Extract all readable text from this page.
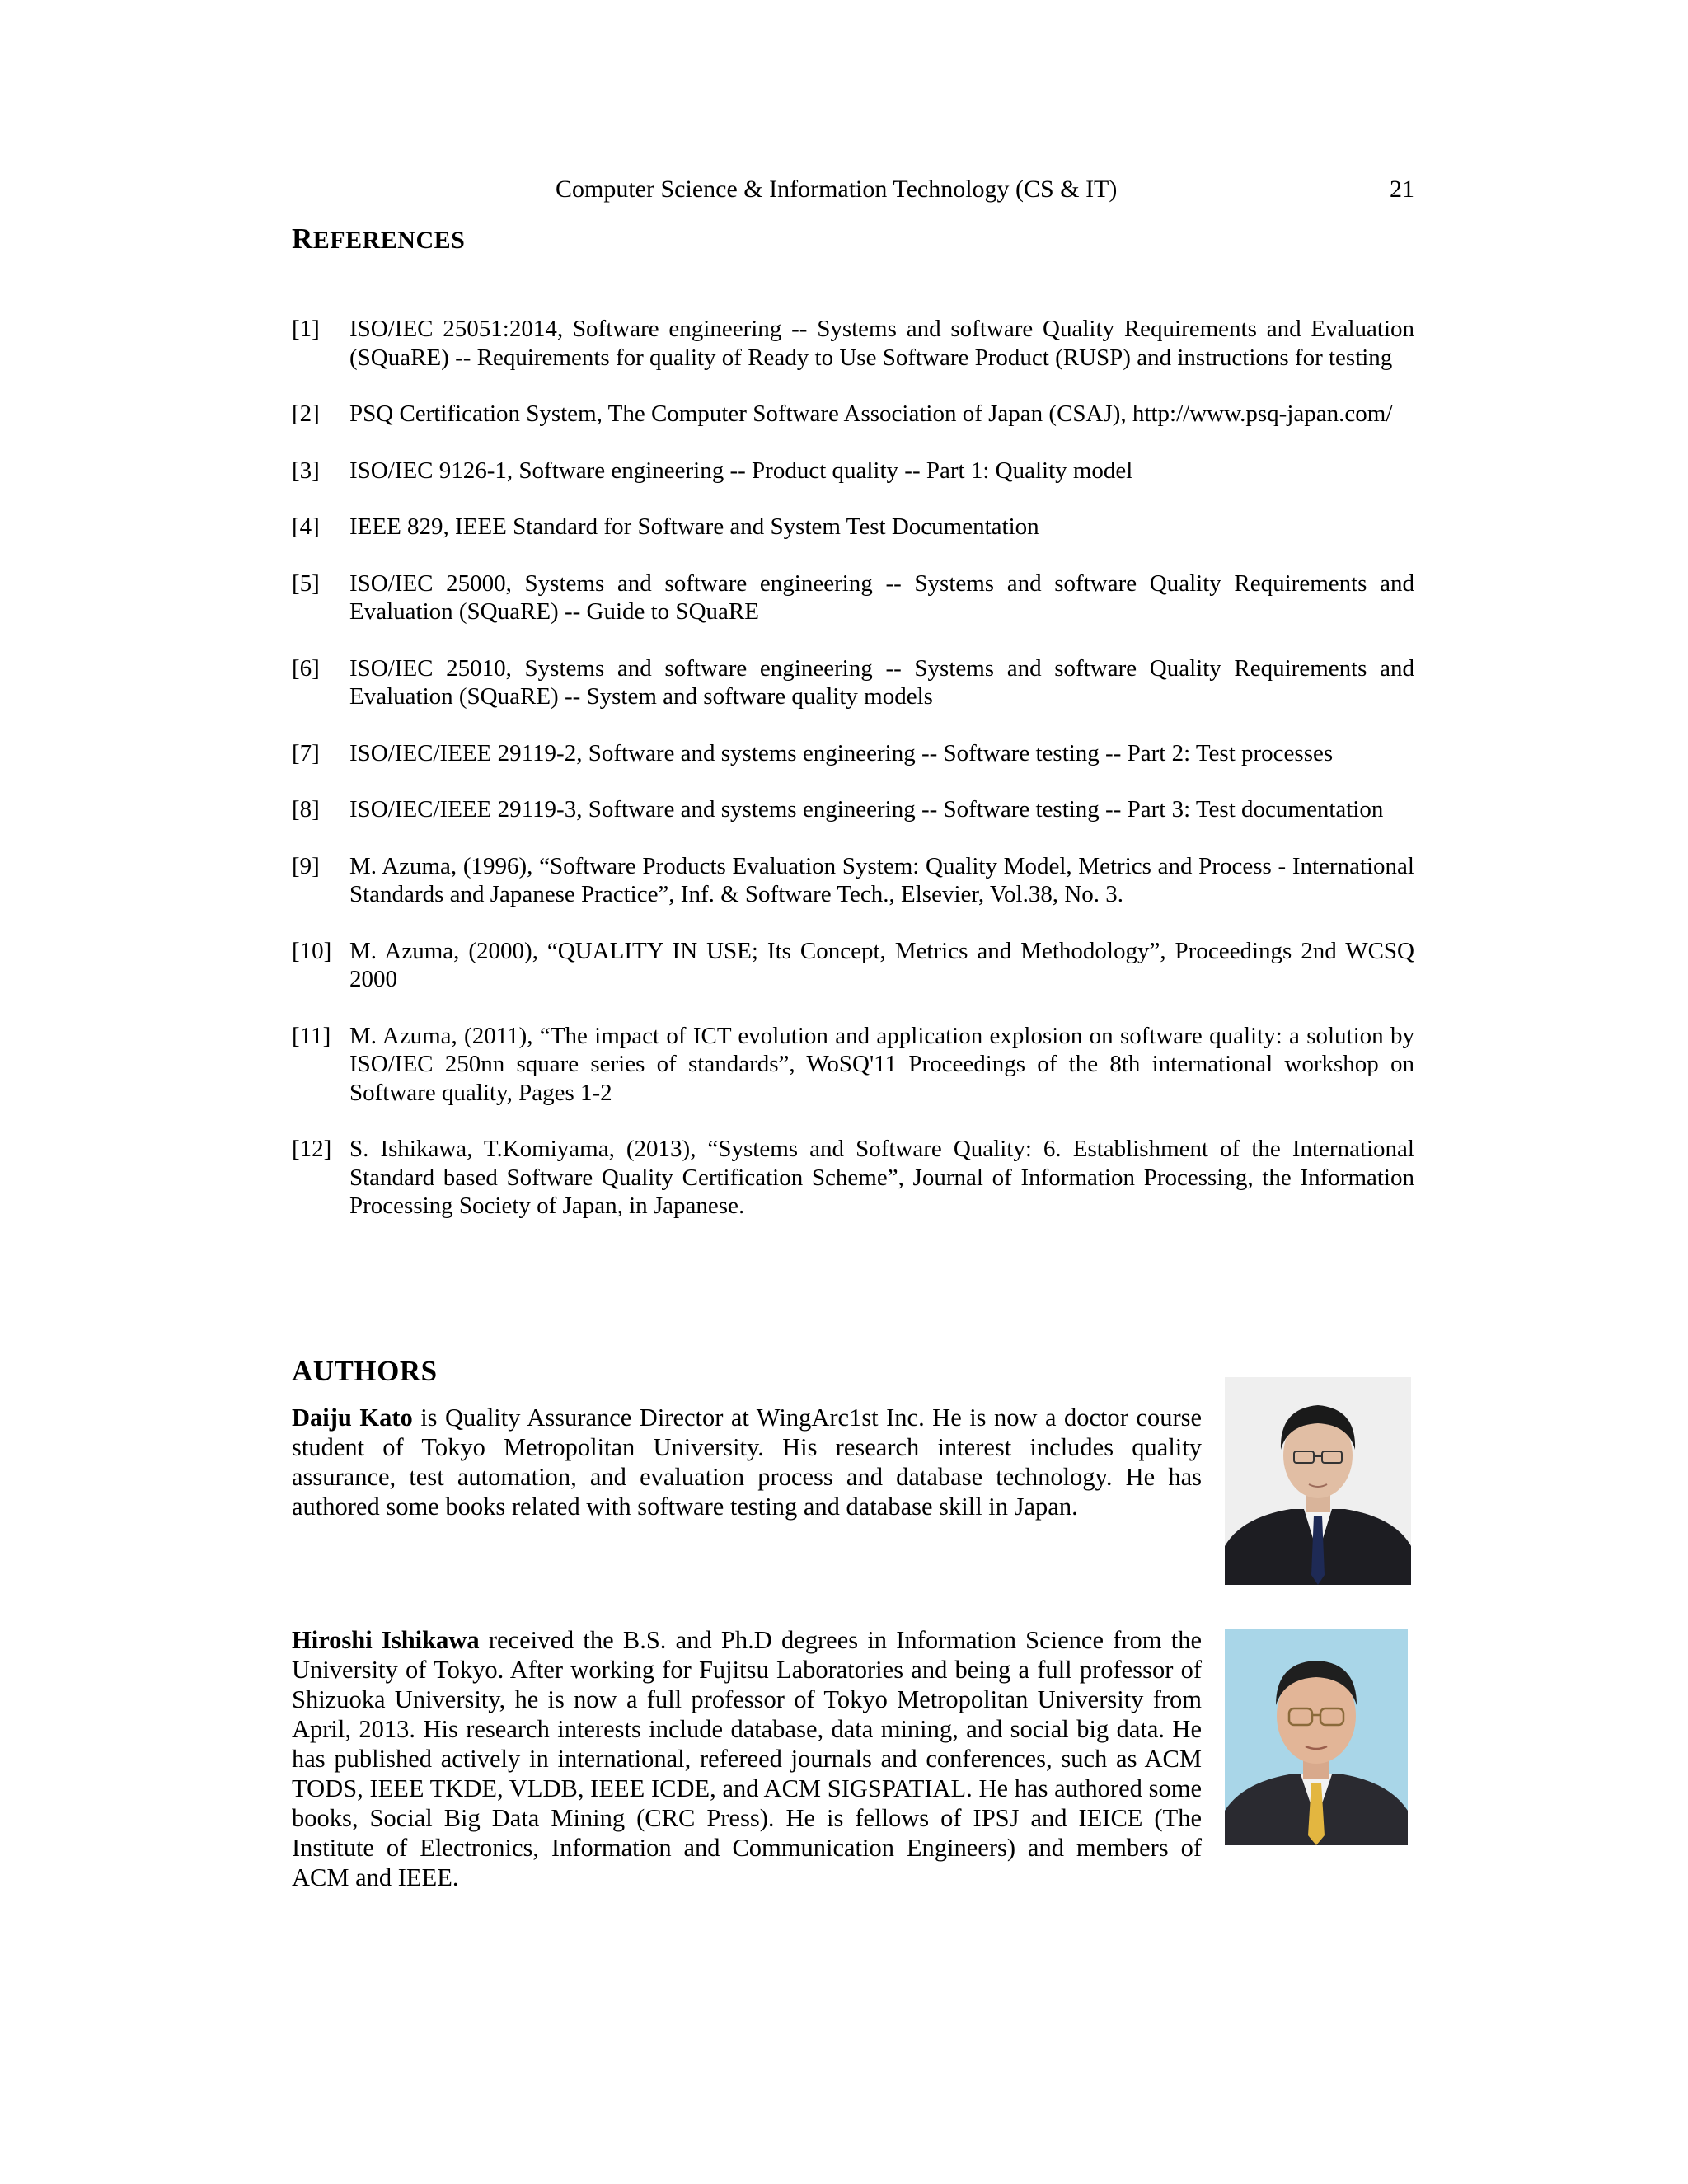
Computer Science & Information Technology (CS & IT)	21
REFERENCES
[1] ISO/IEC 25051:2014, Software engineering -- Systems and software Quality Requirements and Evaluation (SQuaRE) -- Requirements for quality of Ready to Use Software Product (RUSP) and instructions for testing
[2] PSQ Certification System, The Computer Software Association of Japan (CSAJ), http://www.psq-japan.com/
[3] ISO/IEC 9126-1, Software engineering -- Product quality -- Part 1: Quality model
[4] IEEE 829, IEEE Standard for Software and System Test Documentation
[5] ISO/IEC 25000, Systems and software engineering -- Systems and software Quality Requirements and Evaluation (SQuaRE) -- Guide to SQuaRE
[6] ISO/IEC 25010, Systems and software engineering -- Systems and software Quality Requirements and Evaluation (SQuaRE) -- System and software quality models
[7] ISO/IEC/IEEE 29119-2, Software and systems engineering -- Software testing -- Part 2: Test processes
[8] ISO/IEC/IEEE 29119-3, Software and systems engineering -- Software testing -- Part 3: Test documentation
[9] M. Azuma, (1996), “Software Products Evaluation System: Quality Model, Metrics and Process - International Standards and Japanese Practice”, Inf. & Software Tech., Elsevier, Vol.38, No. 3.
[10] M. Azuma, (2000), “QUALITY IN USE; Its Concept, Metrics and Methodology”, Proceedings 2nd WCSQ 2000
[11] M. Azuma, (2011), “The impact of ICT evolution and application explosion on software quality: a solution by ISO/IEC 250nn square series of standards”, WoSQ'11 Proceedings of the 8th international workshop on Software quality, Pages 1-2
[12] S. Ishikawa, T.Komiyama, (2013), “Systems and Software Quality: 6. Establishment of the International Standard based Software Quality Certification Scheme”, Journal of Information Processing, the Information Processing Society of Japan, in Japanese.
AUTHORS
Daiju Kato is Quality Assurance Director at WingArc1st Inc. He is now a doctor course student of Tokyo Metropolitan University. His research interest includes quality assurance, test automation, and evaluation process and database technology. He has authored some books related with software testing and database skill in Japan.
Hiroshi Ishikawa received the B.S. and Ph.D degrees in Information Science from the University of Tokyo. After working for Fujitsu Laboratories and being a full professor of Shizuoka University, he is now a full professor of Tokyo Metropolitan University from April, 2013. His research interests include database, data mining, and social big data. He has published actively in international, refereed journals and conferences, such as ACM TODS, IEEE TKDE, VLDB, IEEE ICDE, and ACM SIGSPATIAL. He has authored some books, Social Big Data Mining (CRC Press). He is fellows of IPSJ and IEICE (The Institute of Electronics, Information and Communication Engineers) and members of ACM and IEEE.
